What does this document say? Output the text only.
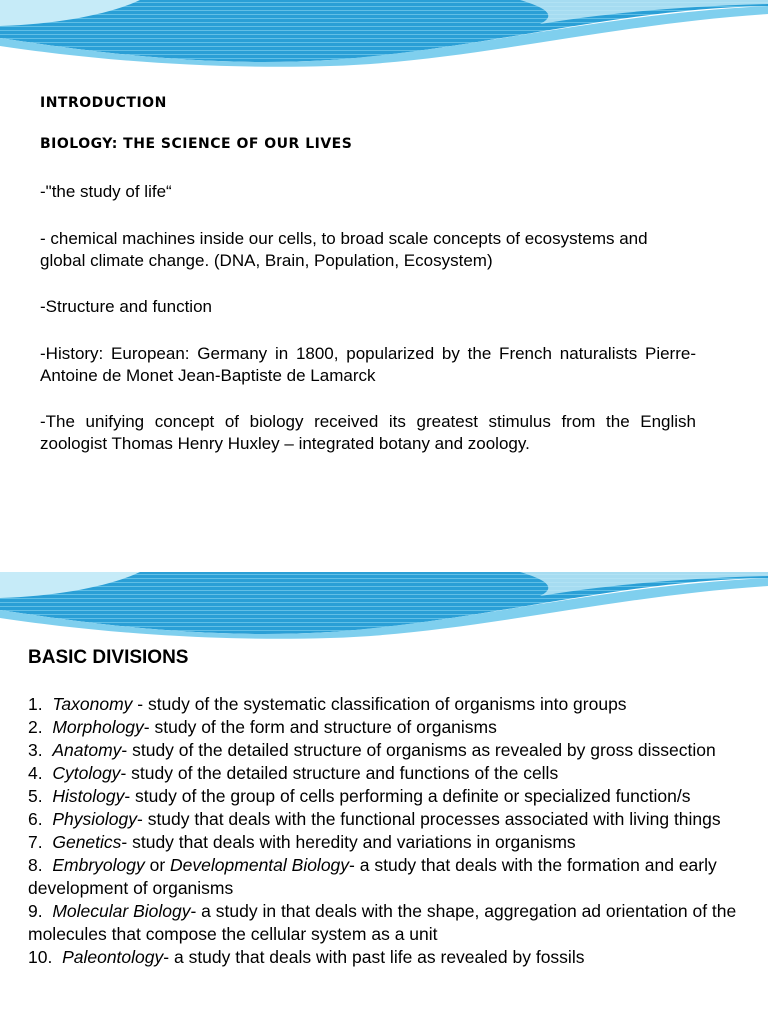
INTRODUCTION
BIOLOGY: THE SCIENCE OF OUR LIVES

-"the study of life“

- chemical machines inside our cells, to broad scale concepts of ecosystems and global climate change. (DNA, Brain, Population, Ecosystem)

-Structure and function

-History: European: Germany in 1800, popularized by the French naturalists Pierre-Antoine de Monet Jean-Baptiste de Lamarck

-The unifying concept of biology received its greatest stimulus from the English zoologist Thomas Henry Huxley – integrated botany and zoology.

BASIC DIVISIONS
1. Taxonomy - study of the systematic classification of organisms into groups
2. Morphology- study of the form and structure of organisms
3. Anatomy- study of the detailed structure of organisms as revealed by gross dissection
4. Cytology- study of the detailed structure and functions of the cells
5. Histology- study of the group of cells performing a definite or specialized function/s
6. Physiology- study that deals with the functional processes associated with living things
7. Genetics- study that deals with heredity and variations in organisms
8. Embryology or Developmental Biology- a study that deals with the formation and early development of organisms
9. Molecular Biology- a study in that deals with the shape, aggregation ad orientation of the molecules that compose the cellular system as a unit
10. Paleontology- a study that deals with past life as revealed by fossils
